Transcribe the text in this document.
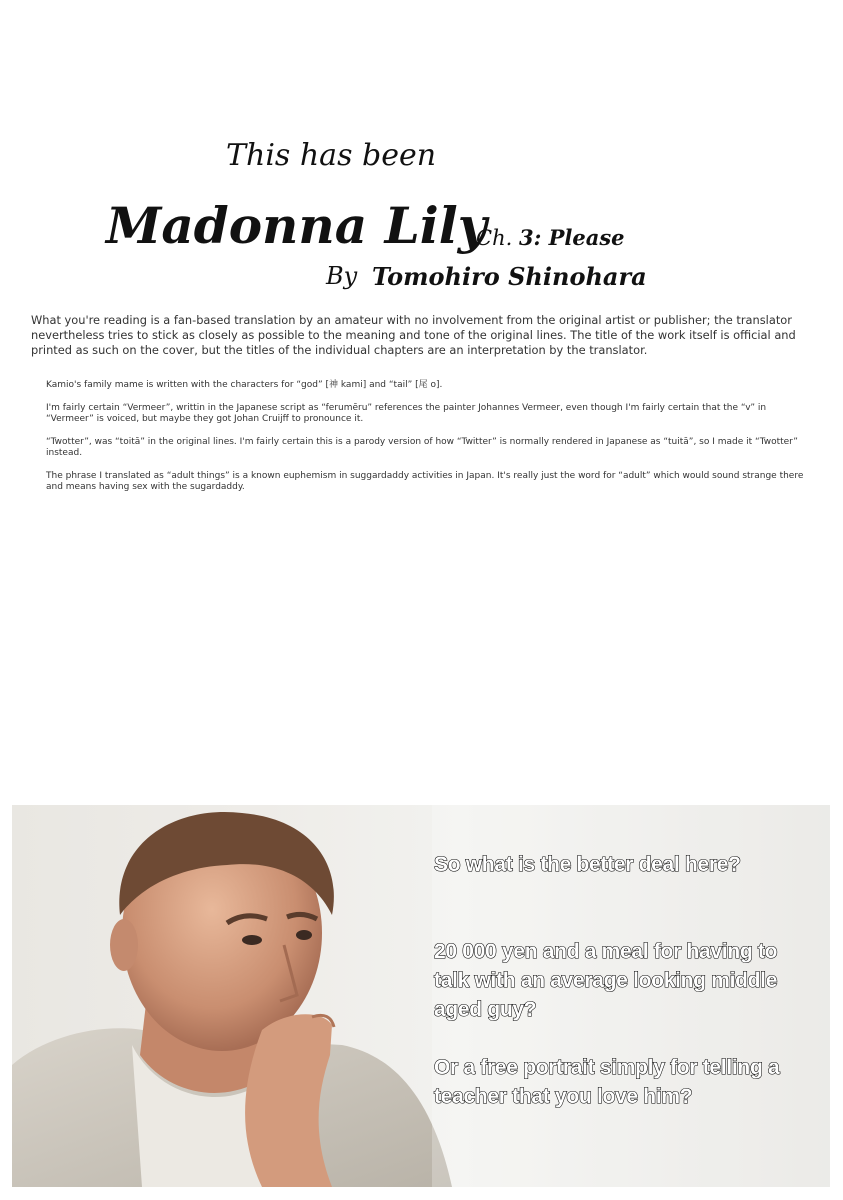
This has been
Madonna Lily
Ch. 3: Please
By Tomohiro Shinohara
What you're reading is a fan-based translation by an amateur with no involvement from the original artist or publisher; the translator nevertheless tries to stick as closely as possible to the meaning and tone of the original lines. The title of the work itself is official and printed as such on the cover, but the titles of the individual chapters are an interpretation by the translator.

Kamio's family mame is written with the characters for “god” [神 kami] and “tail” [尾 o].

I'm fairly certain “Vermeer”, writtin in the Japanese script as “ferumēru” references the painter Johannes Vermeer, even though I'm fairly certain that the “v” in “Vermeer” is voiced, but maybe they got Johan Cruijff to pronounce it.

“Twotter”, was “toitā” in the original lines. I'm fairly certain this is a parody version of how “Twitter” is normally rendered in Japanese as “tuitā”, so I made it “Twotter” instead.

The phrase I translated as “adult things” is a known euphemism in suggardaddy activities in Japan. It's really just the word for “adult” which would sound strange there and means having sex with the sugardaddy.

So what is the better deal here?
20 000 yen and a meal for having to talk with an average looking middle aged guy?
Or a free portrait simply for telling a teacher that you love him?
